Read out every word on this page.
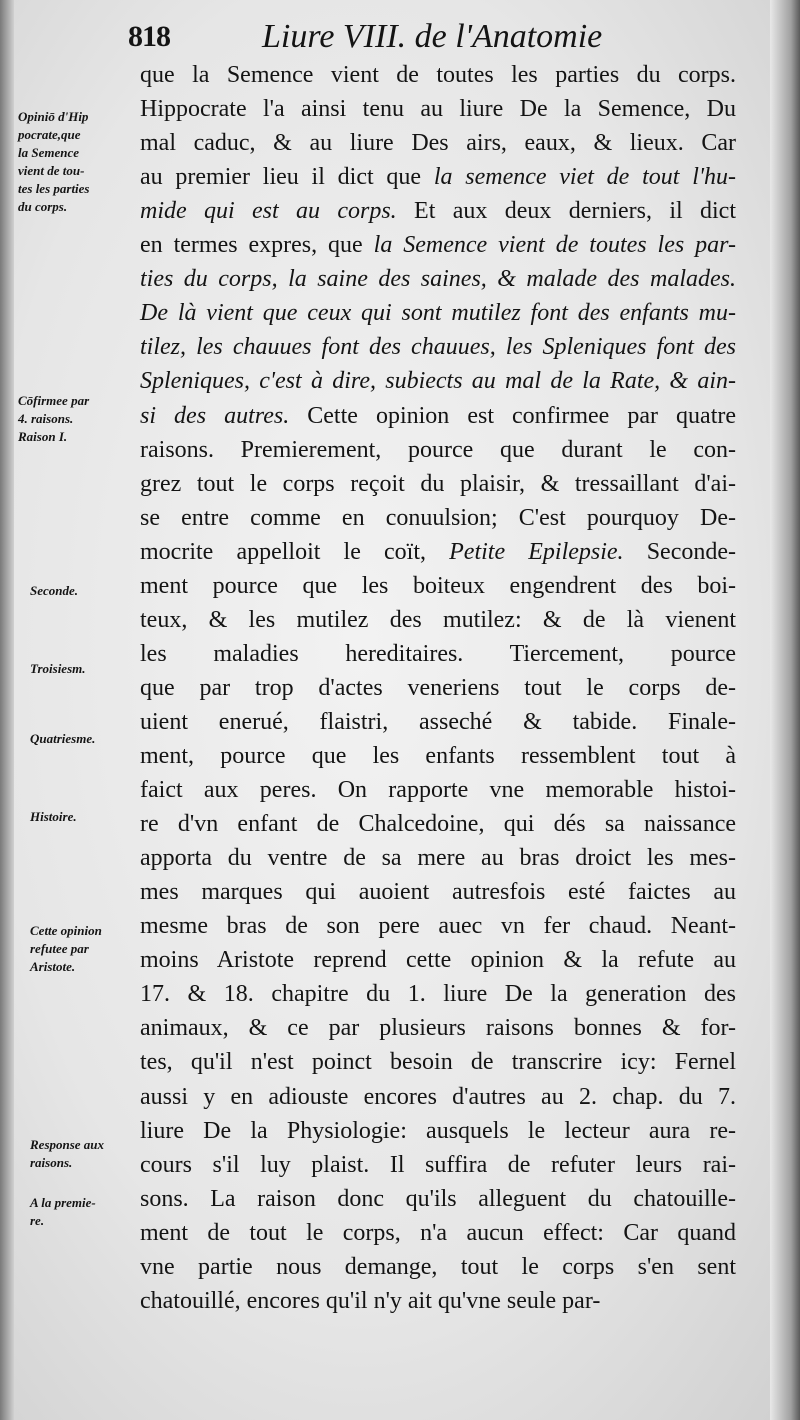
818	Liure VIII. de l'Anatomie
Opiniō d'Hip
pocrate,que
la Semence
vient de tou-
tes les parties
du corps.
Cōfirmee par
4. raisons.
Raison I.
Seconde.
Troisiesm.
Quatriesme.
Histoire.
Cette opinion
refutee par
Aristote.
Response aux
raisons.
A la premie-
re.
que la Semence vient de toutes les parties du corps.
Hippocrate l'a ainsi tenu au liure De la Semence, Du
mal caduc, & au liure Des airs, eaux, & lieux. Car
au premier lieu il dict que la semence viet de tout l'hu-
mide qui est au corps. Et aux deux derniers, il dict
en termes expres, que la Semence vient de toutes les par-
ties du corps, la saine des saines, & malade des malades.
De là vient que ceux qui sont mutilez font des enfants mu-
tilez, les chauues font des chauues, les Spleniques font des
Spleniques, c'est à dire, subiects au mal de la Rate, & ain-
si des autres. Cette opinion est confirmee par quatre
raisons. Premierement, pource que durant le con-
grez tout le corps reçoit du plaisir, & tressaillant d'ai-
se entre comme en conuulsion; C'est pourquoy De-
mocrite appelloit le coït, Petite Epilepsie. Seconde-
ment pource que les boiteux engendrent des boi-
teux, & les mutilez des mutilez: & de là vienent
les maladies hereditaires. Tiercement, pource
que par trop d'actes veneriens tout le corps de-
uient enerué, flaistri, asseché & tabide. Finale-
ment, pource que les enfants ressemblent tout à
faict aux peres. On rapporte vne memorable histoi-
re d'vn enfant de Chalcedoine, qui dés sa naissance
apporta du ventre de sa mere au bras droict les mes-
mes marques qui auoient autresfois esté faictes au
mesme bras de son pere auec vn fer chaud. Neant-
moins Aristote reprend cette opinion & la refute au
17. & 18. chapitre du 1. liure De la generation des
animaux, & ce par plusieurs raisons bonnes & for-
tes, qu'il n'est poinct besoin de transcrire icy: Fernel
aussi y en adiouste encores d'autres au 2. chap. du 7.
liure De la Physiologie: ausquels le lecteur aura re-
cours s'il luy plaist. Il suffira de refuter leurs rai-
sons. La raison donc qu'ils alleguent du chatouille-
ment de tout le corps, n'a aucun effect: Car quand
vne partie nous demange, tout le corps s'en sent
chatouillé, encores qu'il n'y ait qu'vne seule par-
